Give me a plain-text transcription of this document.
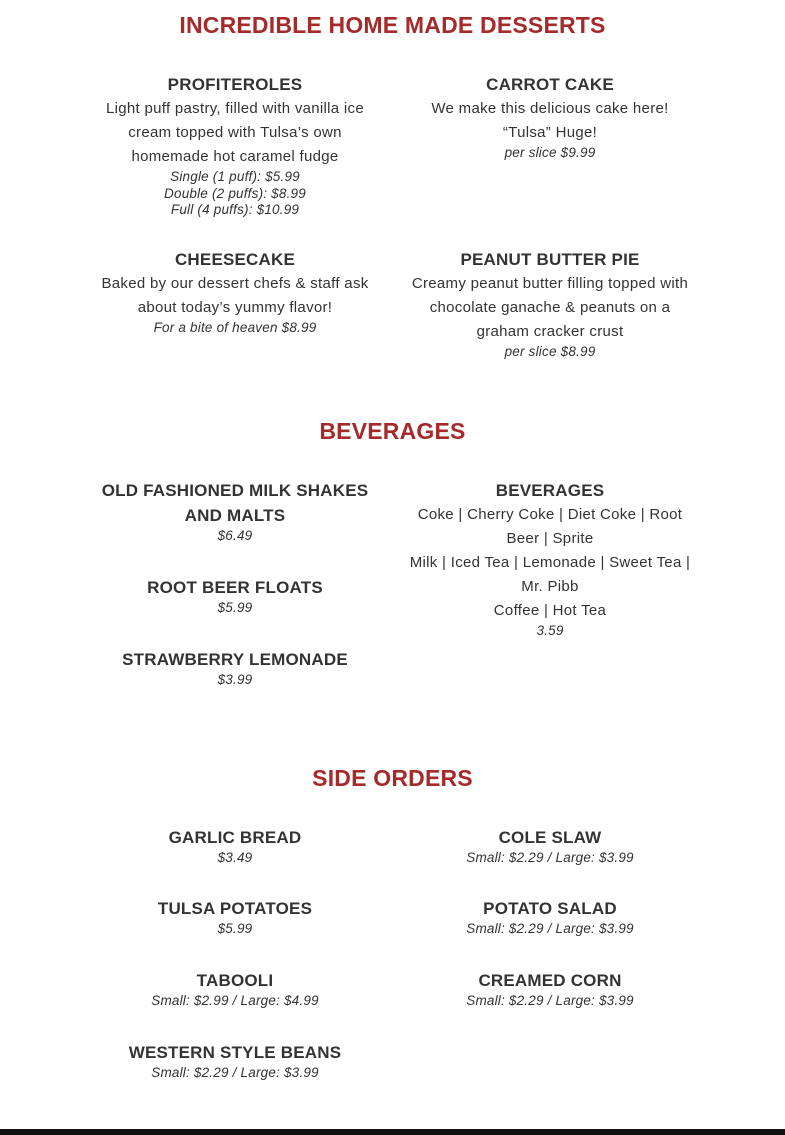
INCREDIBLE HOME MADE DESSERTS
PROFITEROLES
Light puff pastry, filled with vanilla ice cream topped with Tulsa’s own homemade hot caramel fudge
Single (1 puff): $5.99
Double (2 puffs): $8.99
Full (4 puffs): $10.99
CARROT CAKE
We make this delicious cake here! “Tulsa” Huge!
per slice $9.99
CHEESECAKE
Baked by our dessert chefs & staff ask about today’s yummy flavor!
For a bite of heaven $8.99
PEANUT BUTTER PIE
Creamy peanut butter filling topped with chocolate ganache & peanuts on a graham cracker crust
per slice $8.99
BEVERAGES
OLD FASHIONED MILK SHAKES AND MALTS
$6.49
ROOT BEER FLOATS
$5.99
STRAWBERRY LEMONADE
$3.99
BEVERAGES
Coke | Cherry Coke | Diet Coke | Root Beer | Sprite
Milk | Iced Tea | Lemonade | Sweet Tea | Mr. Pibb
Coffee | Hot Tea
3.59
SIDE ORDERS
GARLIC BREAD
$3.49
TULSA POTATOES
$5.99
TABOOLI
Small: $2.99 / Large: $4.99
WESTERN STYLE BEANS
Small: $2.29 / Large: $3.99
COLE SLAW
Small: $2.29 / Large: $3.99
POTATO SALAD
Small: $2.29 / Large: $3.99
CREAMED CORN
Small: $2.29 / Large: $3.99
